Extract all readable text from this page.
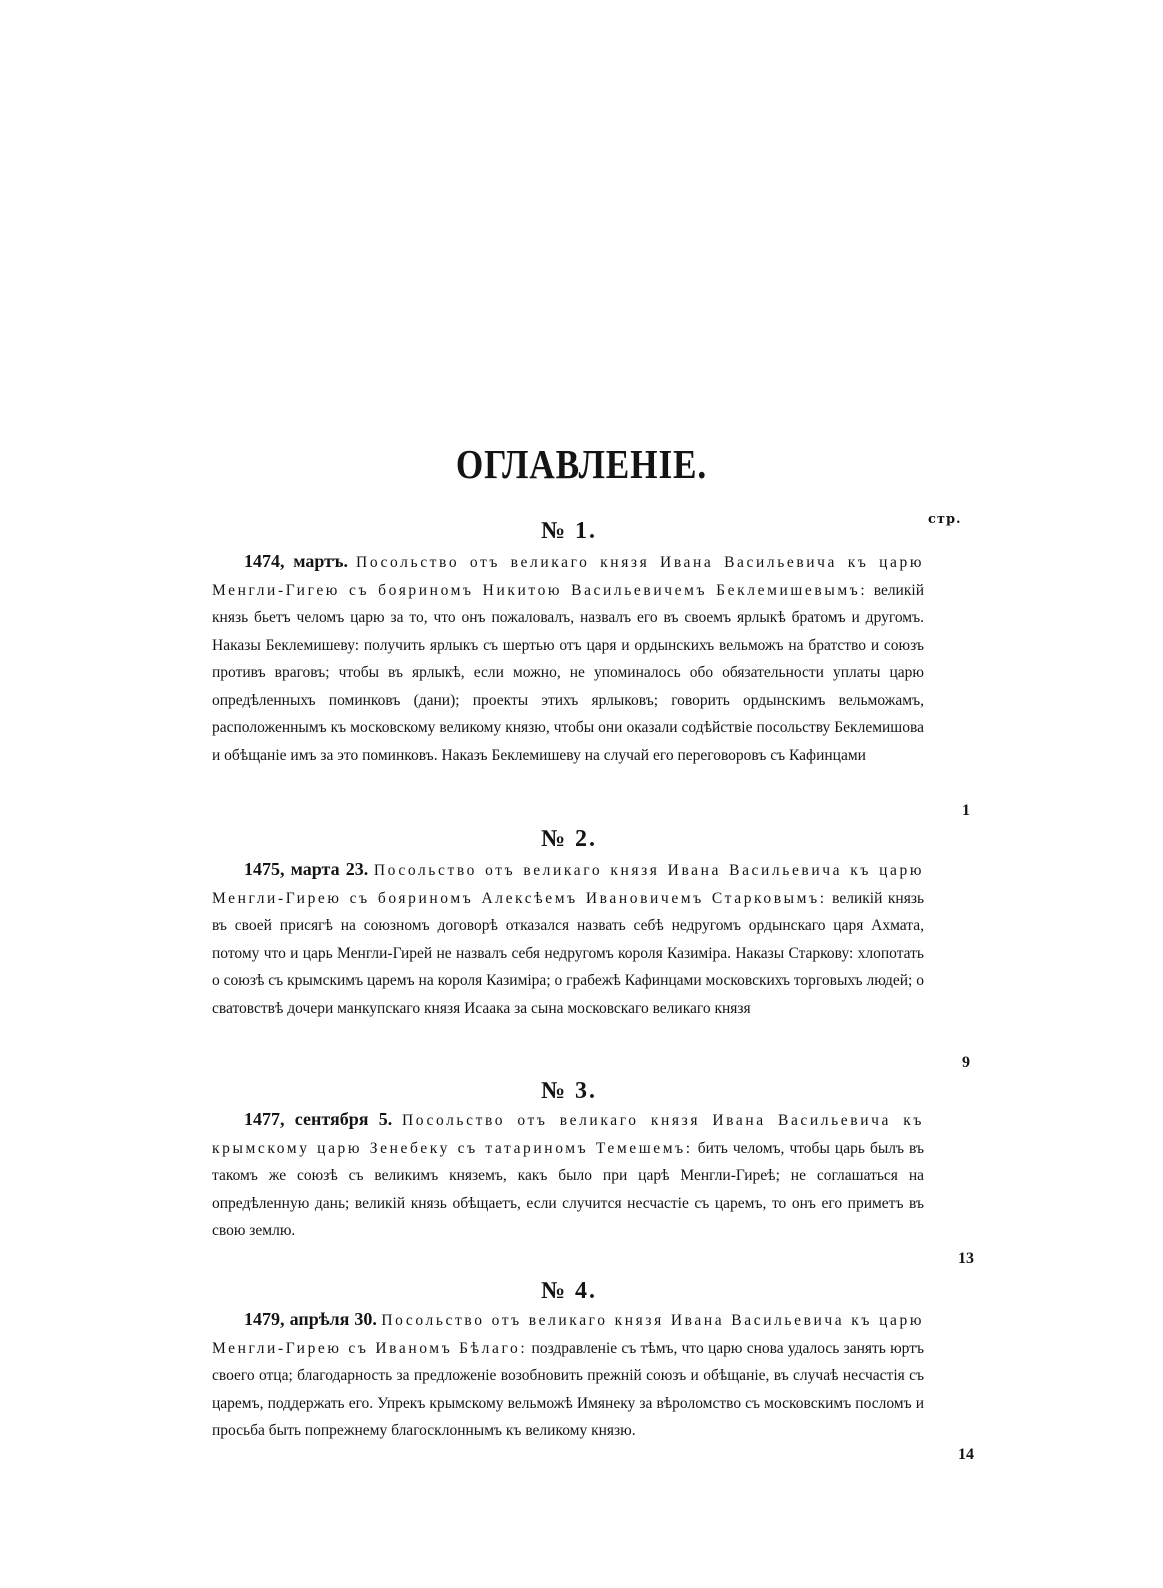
ОГЛАВЛЕНІЕ.
стр.
№ 1.
1474, мартъ. Посольство отъ великаго князя Ивана Васильевича къ царю Менгли-Гигею съ бояриномъ Никитою Васильевичемъ Беклемишевымъ: великій князь бьетъ челомъ царю за то, что онъ пожаловалъ, назвалъ его въ своемъ ярлыкѣ братомъ и другомъ. Наказы Беклемишеву: получить ярлыкъ съ шертью отъ царя и ордынскихъ вельможъ на братство и союзъ противъ враговъ; чтобы въ ярлыкѣ, если можно, не упоминалось обо обязательности уплаты царю опредѣленныхъ поминковъ (дани); проекты этихъ ярлыковъ; говорить ордынскимъ вельможамъ, расположеннымъ къ московскому великому князю, чтобы они оказали содѣйствіе посольству Беклемишова и обѣщаніе имъ за это поминковъ. Наказъ Беклемишеву на случай его переговоровъ съ Кафинцами
1
№ 2.
1475, марта 23. Посольство отъ великаго князя Ивана Васильевича къ царю Менгли-Гирею съ бояриномъ Алексѣемъ Ивановичемъ Старковымъ: великій князь въ своей присягѣ на союзномъ договорѣ отказался назвать себѣ недругомъ ордынскаго царя Ахмата, потому что и царь Менгли-Гирей не назвалъ себя недругомъ короля Казиміра. Наказы Старкову: хлопотать о союзѣ съ крымскимъ царемъ на короля Казиміра; о грабежѣ Кафинцами московскихъ торговыхъ людей; о сватовствѣ дочери манкупскаго князя Исаака за сына московскаго великаго князя
9
№ 3.
1477, сентября 5. Посольство отъ великаго князя Ивана Васильевича къ крымскому царю Зенебеку съ татариномъ Темешемъ: бить челомъ, чтобы царь былъ въ такомъ же союзѣ съ великимъ княземъ, какъ было при царѣ Менгли-Гиреѣ; не соглашаться на опредѣленную дань; великій князь обѣщаетъ, если случится несчастіе съ царемъ, то онъ его приметъ въ свою землю.
13
№ 4.
1479, апрѣля 30. Посольство отъ великаго князя Ивана Васильевича къ царю Менгли-Гирею съ Иваномъ Бѣлаго: поздравленіе съ тѣмъ, что царю снова удалось занять юртъ своего отца; благодарность за предложеніе возобновить прежній союзъ и обѣщаніе, въ случаѣ несчастія съ царемъ, поддержать его. Упрекъ крымскому вельможѣ Имянеку за вѣроломство съ московскимъ посломъ и просьба быть попрежнему благосклоннымъ къ великому князю.
14
